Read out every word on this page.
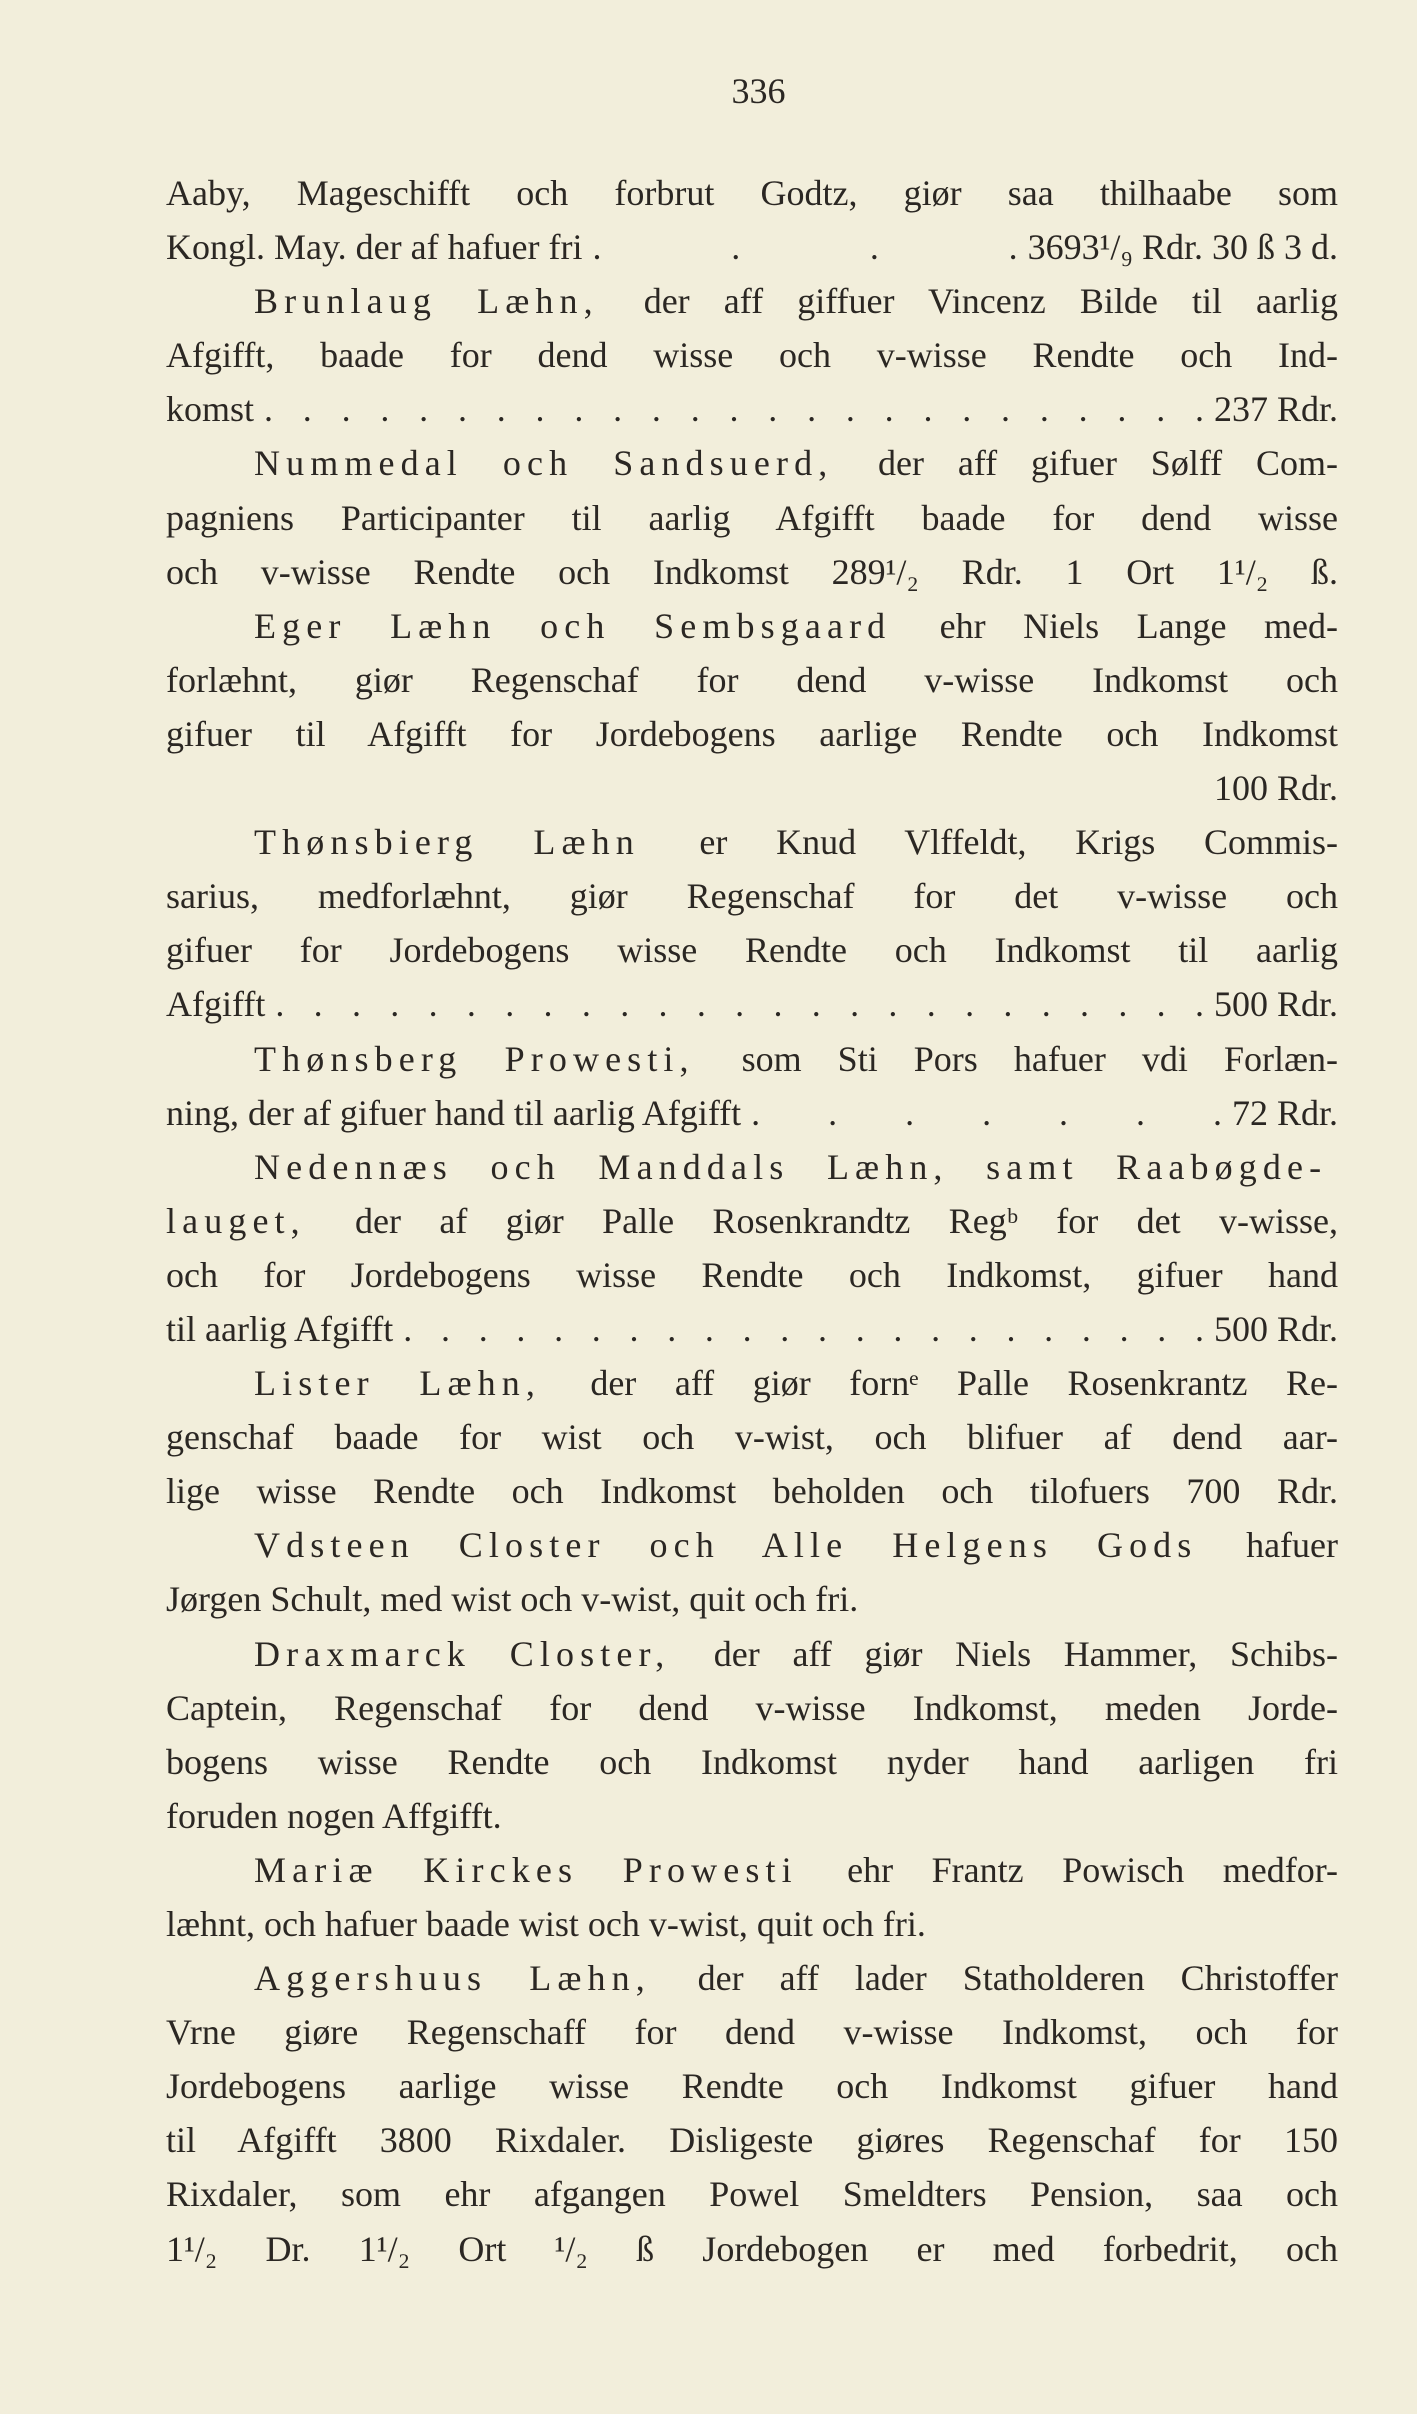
336
Aaby, Mageschifft och forbrut Godtz, giør saa thilhaabe som
Kongl. May. der af hafuer fri . . . . 3693¹/₉ Rdr. 30 ß 3 d.
Brunlaug Læhn, der aff giffuer Vincenz Bilde til aarlig
Afgifft, baade for dend wisse och v-wisse Rendte och Ind-
komst . . . . . . . . . . . . . . . . . . . . . . . . . 237 Rdr.
Nummedal och Sandsuerd, der aff gifuer Sølff Com-
pagniens Participanter til aarlig Afgifft baade for dend wisse
och v-wisse Rendte och Indkomst 289¹/₂ Rdr. 1 Ort 1¹/₂ ß.
Eger Læhn och Sembsgaard ehr Niels Lange med-
forlæhnt, giør Regenschaf for dend v-wisse Indkomst och
gifuer til Afgifft for Jordebogens aarlige Rendte och Indkomst
100 Rdr.
Thønsbierg Læhn er Knud Vlffeldt, Krigs Commis-
sarius, medforlæhnt, giør Regenschaf for det v-wisse och
gifuer for Jordebogens wisse Rendte och Indkomst til aarlig
Afgifft . . . . . . . . . . . . . . . . . . . . . . . . . 500 Rdr.
Thønsberg Prowesti, som Sti Pors hafuer vdi Forlæn-
ning, der af gifuer hand til aarlig Afgifft . . . . . . . 72 Rdr.
Nedennæs och Manddals Læhn, samt Raabøgde-
lauget, der af giør Palle Rosenkrandtz Regᵇ for det v-wisse,
och for Jordebogens wisse Rendte och Indkomst, gifuer hand
til aarlig Afgifft . . . . . . . . . . . . . . . . . . . . . . 500 Rdr.
Lister Læhn, der aff giør fornᵉ Palle Rosenkrantz Re-
genschaf baade for wist och v-wist, och blifuer af dend aar-
lige wisse Rendte och Indkomst beholden och tilofuers 700 Rdr.
Vdsteen Closter och Alle Helgens Gods hafuer
Jørgen Schult, med wist och v-wist, quit och fri.
Draxmarck Closter, der aff giør Niels Hammer, Schibs-
Captein, Regenschaf for dend v-wisse Indkomst, meden Jorde-
bogens wisse Rendte och Indkomst nyder hand aarligen fri
foruden nogen Affgifft.
Mariæ Kirckes Prowesti ehr Frantz Powisch medfor-
læhnt, och hafuer baade wist och v-wist, quit och fri.
Aggershuus Læhn, der aff lader Statholderen Christoffer
Vrne giøre Regenschaff for dend v-wisse Indkomst, och for
Jordebogens aarlige wisse Rendte och Indkomst gifuer hand
til Afgifft 3800 Rixdaler. Disligeste giøres Regenschaf for 150
Rixdaler, som ehr afgangen Powel Smeldters Pension, saa och
1¹/₂ Dr. 1¹/₂ Ort ¹/₂ ß Jordebogen er med forbedrit, och
